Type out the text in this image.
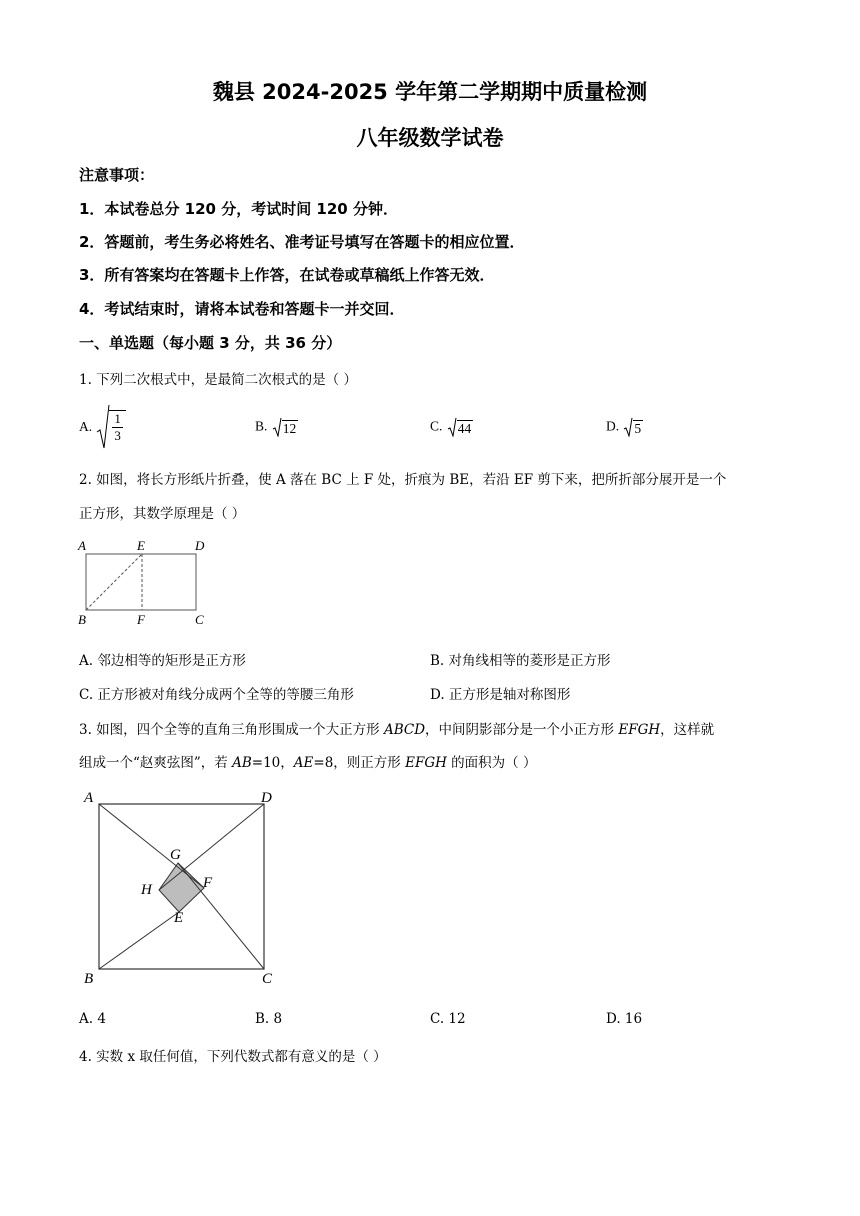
魏县 2024-2025 学年第二学期期中质量检测
八年级数学试卷
注意事项：
1．本试卷总分 120 分，考试时间 120 分钟．
2．答题前，考生务必将姓名、准考证号填写在答题卡的相应位置．
3．所有答案均在答题卡上作答，在试卷或草稿纸上作答无效．
4．考试结束时，请将本试卷和答题卡一并交回．
一、单选题（每小题 3 分，共 36 分）
1. 下列二次根式中，是最简二次根式的是（ ）
A. $\frac{1}{3}$	B. 12	C. 44	D. 5
2. 如图，将长方形纸片折叠，使 A 落在 BC 上 F 处，折痕为 BE，若沿 EF 剪下来，把所折部分展开是一个
正方形，其数学原理是（ ）
A	E	D
B	F	C
A. 邻边相等的矩形是正方形	B. 对角线相等的菱形是正方形
C. 正方形被对角线分成两个全等的等腰三角形	D. 正方形是轴对称图形
3. 如图，四个全等的直角三角形围成一个大正方形 ABCD，中间阴影部分是一个小正方形 EFGH，这样就
组成一个“赵爽弦图”，若 AB=10，AE=8，则正方形 EFGH 的面积为（ ）
A	D
B	C
G
H	F
E
A. 4	B. 8	C. 12	D. 16
4. 实数 x 取任何值，下列代数式都有意义的是（ ）
